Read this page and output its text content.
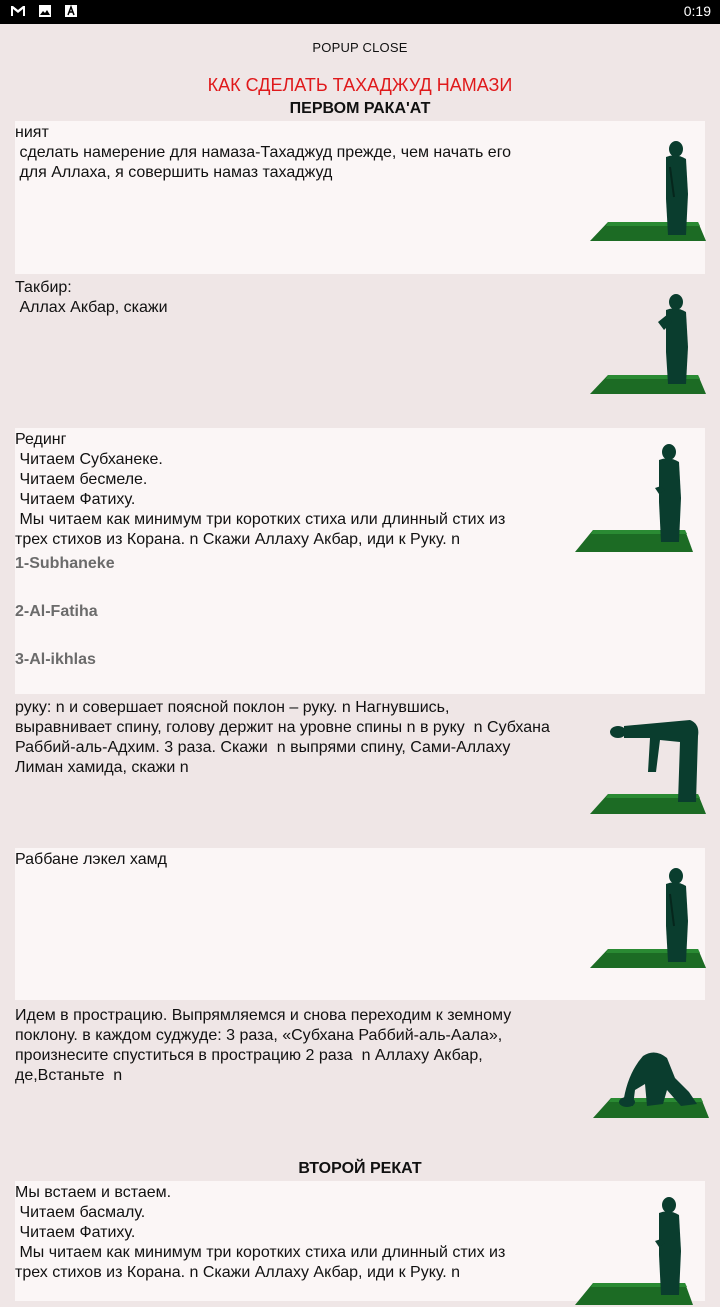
0:19
POPUP CLOSE
КАК СДЕЛАТЬ ТАХАДЖУД НАМАЗИ
ПЕРВОМ РАКА'АТ
ният
сделать намерение для намаза-Тахаджуд прежде, чем начать его
для Аллаха, я совершить намаз тахаджуд
Такбир:
Аллах Акбар, скажи
Рединг
Читаем Субханеке.
Читаем бесмеле.
Читаем Фатиху.
Мы читаем как минимум три коротких стиха или длинный стих из
трех стихов из Корана. n Скажи Аллаху Акбар, иди к Руку. n
1-Subhaneke
2-Al-Fatiha
3-Al-ikhlas
руку: n и совершает поясной поклон – руку. n Нагнувшись,
выравнивает спину, голову держит на уровне спины n в руку  n Субхана
Раббий-аль-Адхим. 3 раза. Скажи  n выпрями спину, Сами-Аллаху
Лиман хамида, скажи n
Раббане лэкел хамд
Идем в прострацию. Выпрямляемся и снова переходим к земному
поклону. в каждом суджуде: 3 раза, «Субхана Раббий-аль-Аала»,
произнесите спуститься в прострацию 2 раза  n Аллаху Акбар,
де,Встаньте  n
ВТОРОЙ РЕКАТ
Мы встаем и встаем.
Читаем басмалу.
Читаем Фатиху.
Мы читаем как минимум три коротких стиха или длинный стих из
трех стихов из Корана. n Скажи Аллаху Акбар, иди к Руку. n
